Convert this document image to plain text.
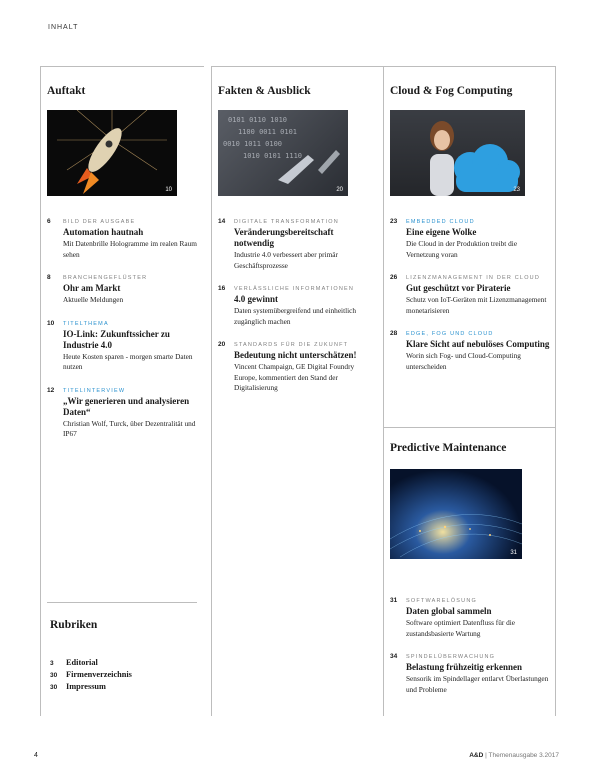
INHALT
Auftakt
10
6 BILD DER AUSGABE
Automation hautnah
Mit Datenbrille Hologramme im realen Raum sehen
8 BRANCHENGEFLÜSTER
Ohr am Markt
Aktuelle Meldungen
10 TITELTHEMA
IO-Link: Zukunftssicher zu Industrie 4.0
Heute Kosten sparen - morgen smarte Daten nutzen
12 TITELINTERVIEW
„Wir generieren und analysieren Daten“
Christian Wolf, Turck, über Dezentralität und IP67
Fakten & Ausblick
0101 0110 1010
1100 0011 0101
0010 1011 0100
1010 0101 1110
20
14 DIGITALE TRANSFORMATION
Veränderungsbereitschaft notwendig
Industrie 4.0 verbessert aber primär Geschäftsprozesse
16 VERLÄSSLICHE INFORMATIONEN
4.0 gewinnt
Daten systemübergreifend und einheitlich zugänglich machen
20 STANDARDS FÜR DIE ZUKUNFT
Bedeutung nicht unterschätzen!
Vincent Champaign, GE Digital Foundry Europe, kommentiert den Stand der Digitalisierung
Cloud & Fog Computing
23
23 EMBEDDED CLOUD
Eine eigene Wolke
Die Cloud in der Produktion treibt die Vernetzung voran
26 LIZENZMANAGEMENT IN DER CLOUD
Gut geschützt vor Piraterie
Schutz von IoT-Geräten mit Lizenzmanagement monetarisieren
28 EDGE, FOG UND CLOUD
Klare Sicht auf nebulöses Computing
Worin sich Fog- und Cloud-Computing unterscheiden
Predictive Maintenance
31
31 SOFTWARELÖSUNG
Daten global sammeln
Software optimiert Datenfluss für die zustandsbasierte Wartung
34 SPINDELÜBERWACHUNG
Belastung frühzeitig erkennen
Sensorik im Spindellager entlarvt Überlastungen und Probleme
Rubriken
3 Editorial
30 Firmenverzeichnis
30 Impressum
4	A&D | Themenausgabe 3.2017
